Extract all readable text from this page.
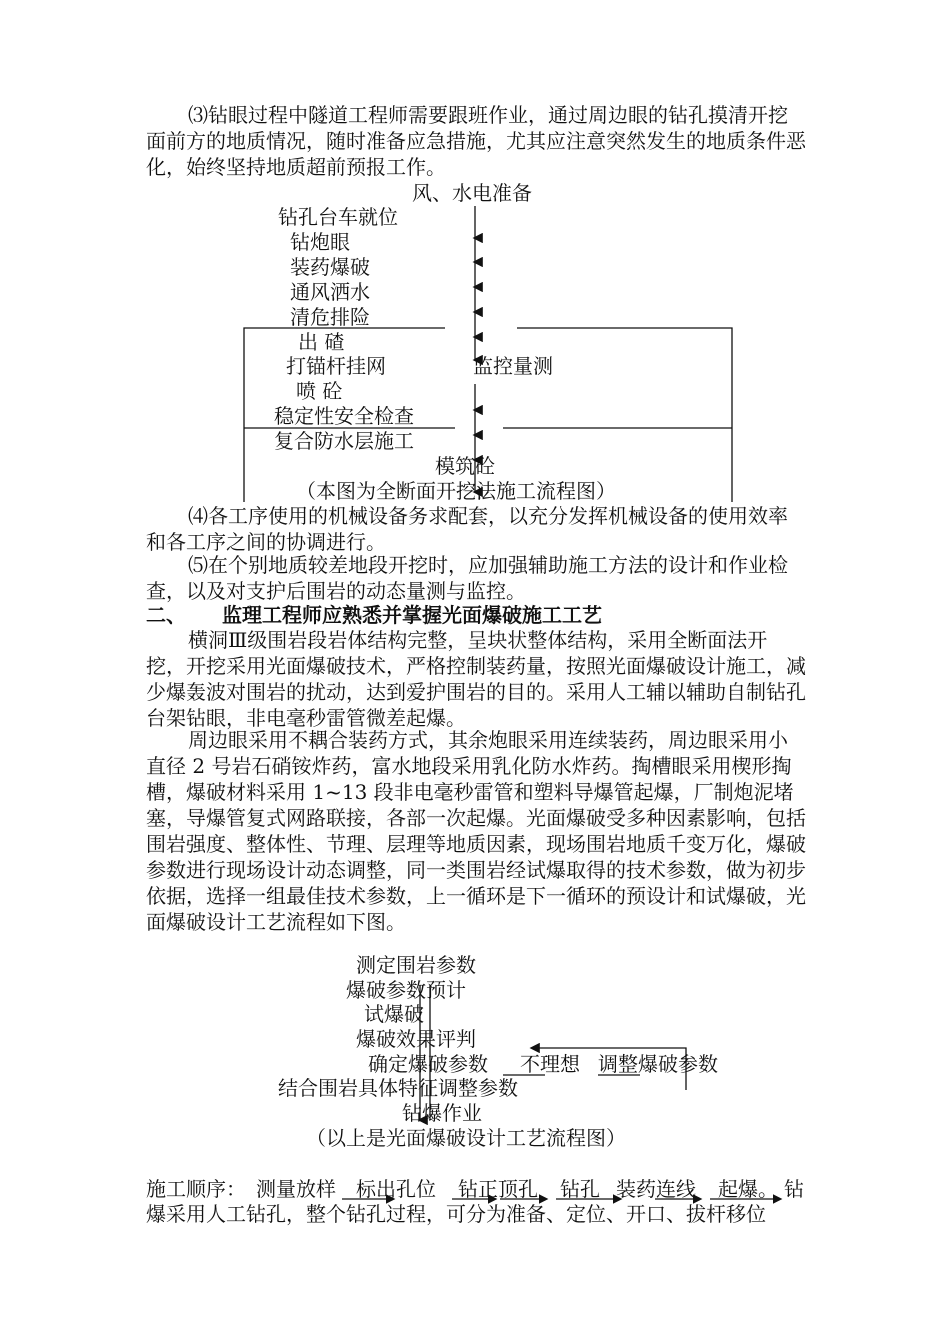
⑶钻眼过程中隧道工程师需要跟班作业，通过周边眼的钻孔摸清开挖面前方的地质情况，随时准备应急措施，尤其应注意突然发生的地质条件恶化，始终坚持地质超前预报工作。
风、水电准备
钻孔台车就位
钻炮眼
装药爆破
通风洒水
清危排险
出 碴
打锚杆挂网	监控量测
喷 砼
稳定性安全检查
复合防水层施工
模筑砼
（本图为全断面开挖法施工流程图）
⑷各工序使用的机械设备务求配套，以充分发挥机械设备的使用效率和各工序之间的协调进行。
⑸在个别地质较差地段开挖时，应加强辅助施工方法的设计和作业检查，以及对支护后围岩的动态量测与监控。
二、 监理工程师应熟悉并掌握光面爆破施工工艺
横洞Ⅲ级围岩段岩体结构完整，呈块状整体结构，采用全断面法开挖，开挖采用光面爆破技术，严格控制装药量，按照光面爆破设计施工，减少爆轰波对围岩的扰动，达到爱护围岩的目的。采用人工辅以辅助自制钻孔台架钻眼，非电毫秒雷管微差起爆。
周边眼采用不耦合装药方式，其余炮眼采用连续装药，周边眼采用小直径 2 号岩石硝铵炸药，富水地段采用乳化防水炸药。掏槽眼采用楔形掏槽，爆破材料采用 1~13 段非电毫秒雷管和塑料导爆管起爆，厂制炮泥堵塞，导爆管复式网路联接，各部一次起爆。光面爆破受多种因素影响，包括围岩强度、整体性、节理、层理等地质因素，现场围岩地质千变万化，爆破参数进行现场设计动态调整，同一类围岩经试爆取得的技术参数，做为初步依据，选择一组最佳技术参数，上一循环是下一循环的预设计和试爆破，光面爆破设计工艺流程如下图。
测定围岩参数
爆破参数预计
试爆破
爆破效果评判
确定爆破参数 不理想 调整爆破参数
结合围岩具体特征调整参数
钻爆作业
（以上是光面爆破设计工艺流程图）
施工顺序： 测量放样 标出孔位 钻正顶孔 钻孔 装药连线 起爆。 钻
爆采用人工钻孔，整个钻孔过程，可分为准备、定位、开口、拔杆移位
